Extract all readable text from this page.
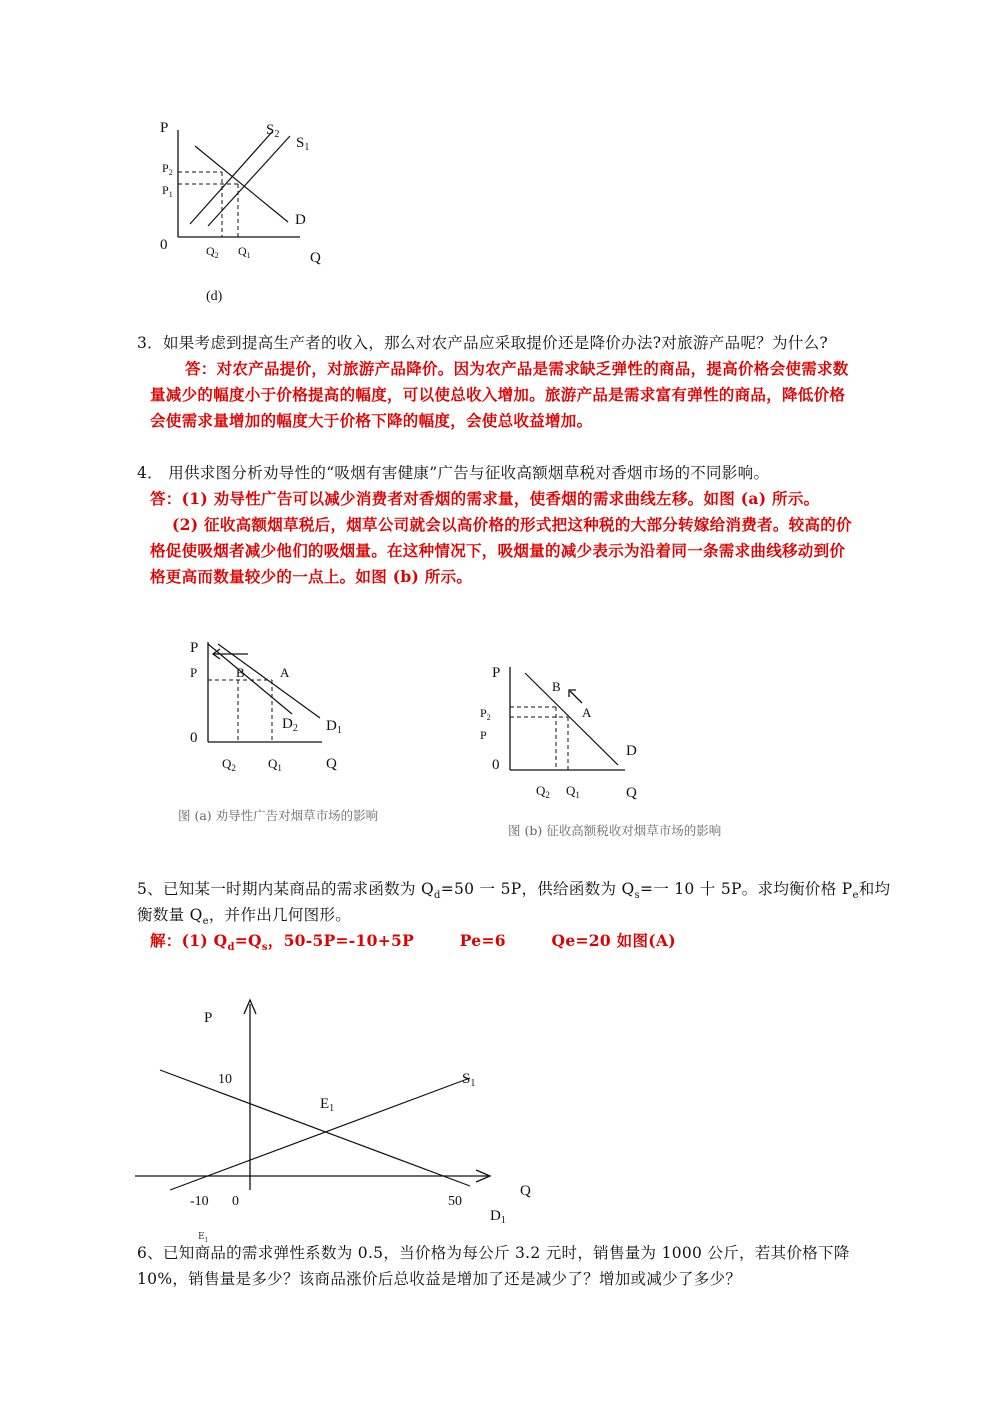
P	$S_2$
$S_1$
$P_2$
$P_1$
D
0	$Q_2$ $Q_1$	Q
(d)
3．如果考虑到提高生产者的收入，那么对农产品应采取提价还是降价办法?对旅游产品呢？为什么?
答：对农产品提价，对旅游产品降价。因为农产品是需求缺乏弹性的商品，提高价格会使需求数
量减少的幅度小于价格提高的幅度，可以使总收入增加。旅游产品是需求富有弹性的商品，降低价格
会使需求量增加的幅度大于价格下降的幅度，会使总收益增加。
4． 用供求图分析劝导性的“吸烟有害健康”广告与征收高额烟草税对香烟市场的不同影响。
答：(1) 劝导性广告可以减少消费者对香烟的需求量，使香烟的需求曲线左移。如图 (a) 所示。
(2) 征收高额烟草税后，烟草公司就会以高价格的形式把这种税的大部分转嫁给消费者。较高的价
格促使吸烟者减少他们的吸烟量。在这种情况下，吸烟量的减少表示为沿着同一条需求曲线移动到价
格更高而数量较少的一点上。如图 (b) 所示。
P
P	B	A
$D_2$ $D_1$
0
$Q_2$ $Q_1$	Q
图 (a) 劝导性广告对烟草市场的影响
P
B
A
$P_2$
P
D
0
$Q_2$ $Q_1$	Q
图 (b) 征收高额税收对烟草市场的影响
5、已知某一时期内某商品的需求函数为 $Q_d=50$ 一 5P，供给函数为 $Q_s=$一 10 十 5P。求均衡价格 $P_e$和均
衡数量 $Q_e$，并作出几何图形。
解：(1) $Q_d=Q_s$，50-5P=-10+5P	Pe=6	Qe=20 如图(A)
P
10	$S_1$
$E_1$
Q
-10 0	50
$D_1$
$E_1$
6、已知商品的需求弹性系数为 0.5，当价格为每公斤 3.2 元时，销售量为 1000 公斤，若其价格下降
10%，销售量是多少？该商品涨价后总收益是增加了还是减少了？增加或减少了多少？
